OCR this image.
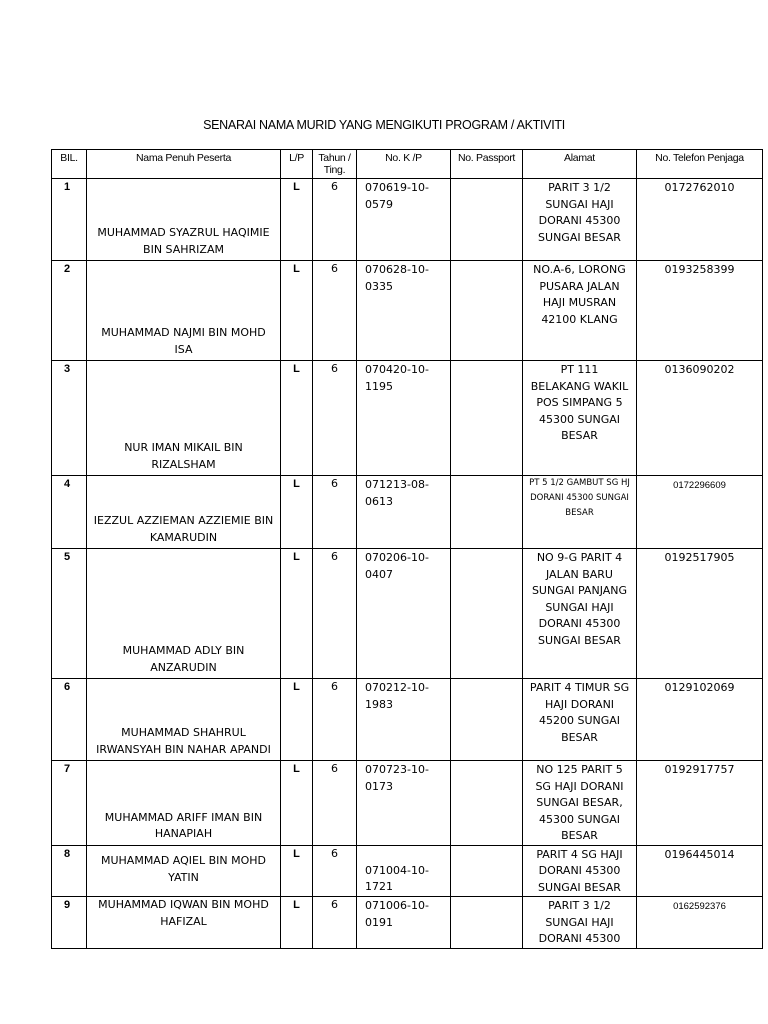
SENARAI NAMA MURID YANG MENGIKUTI PROGRAM / AKTIVITI
BIL.	Nama Penuh Peserta	L/P	Tahun / Ting.	No. K /P	No. Passport	Alamat	No. Telefon Penjaga

1	MUHAMMAD SYAZRUL HAQIMIE BIN SAHRIZAM	L	6	070619-10-0579		PARIT 3 1/2 SUNGAI HAJI DORANI 45300 SUNGAI BESAR	0172762010
2	MUHAMMAD NAJMI BIN MOHD ISA	L	6	070628-10-0335		NO.A-6, LORONG PUSARA JALAN HAJI MUSRAN 42100 KLANG	0193258399
3	NUR IMAN MIKAIL BIN RIZALSHAM	L	6	070420-10-1195		PT 111 BELAKANG WAKIL POS SIMPANG 5 45300 SUNGAI BESAR	0136090202
4	IEZZUL AZZIEMAN AZZIEMIE BIN KAMARUDIN	L	6	071213-08-0613		PT 5 1/2 GAMBUT SG HJ DORANI 45300 SUNGAI BESAR	0172296609
5	MUHAMMAD ADLY BIN ANZARUDIN	L	6	070206-10-0407		NO 9-G PARIT 4 JALAN BARU SUNGAI PANJANG SUNGAI HAJI DORANI 45300 SUNGAI BESAR	0192517905
6	MUHAMMAD SHAHRUL IRWANSYAH BIN NAHAR APANDI	L	6	070212-10-1983		PARIT 4 TIMUR SG HAJI DORANI 45200 SUNGAI BESAR	0129102069
7	MUHAMMAD ARIFF IMAN BIN HANAPIAH	L	6	070723-10-0173		NO 125 PARIT 5 SG HAJI DORANI SUNGAI BESAR, 45300 SUNGAI BESAR	0192917757
8	MUHAMMAD AQIEL BIN MOHD YATIN	L	6	071004-10-1721		PARIT 4 SG HAJI DORANI 45300 SUNGAI BESAR	0196445014
9	MUHAMMAD IQWAN BIN MOHD HAFIZAL	L	6	071006-10-0191		PARIT 3 1/2 SUNGAI HAJI DORANI 45300	0162592376
